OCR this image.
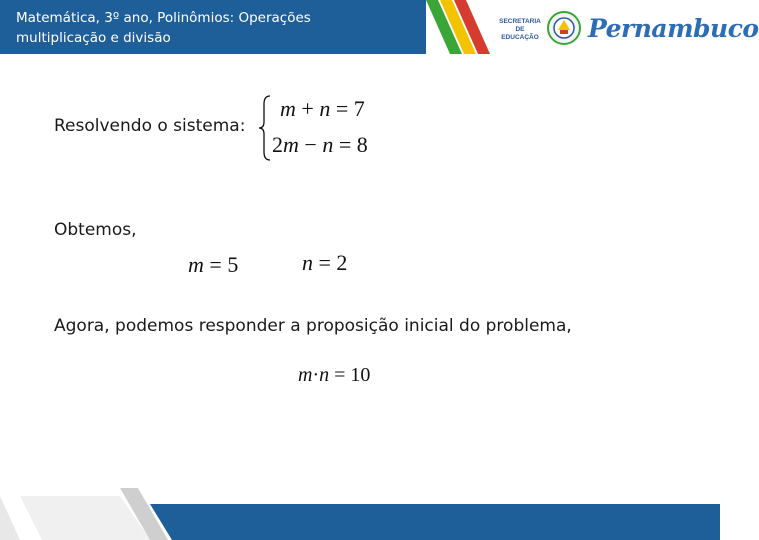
Matemática, 3º ano, Polinômios: Operações
multiplicação e divisão
SECRETARIA
DE EDUCAÇÃO Pernambuco
Resolvendo o sistema:
m + n = 7
2m − n = 8
Obtemos,
m = 5	n = 2
Agora, podemos responder a proposição inicial do problema,
m·n = 10
